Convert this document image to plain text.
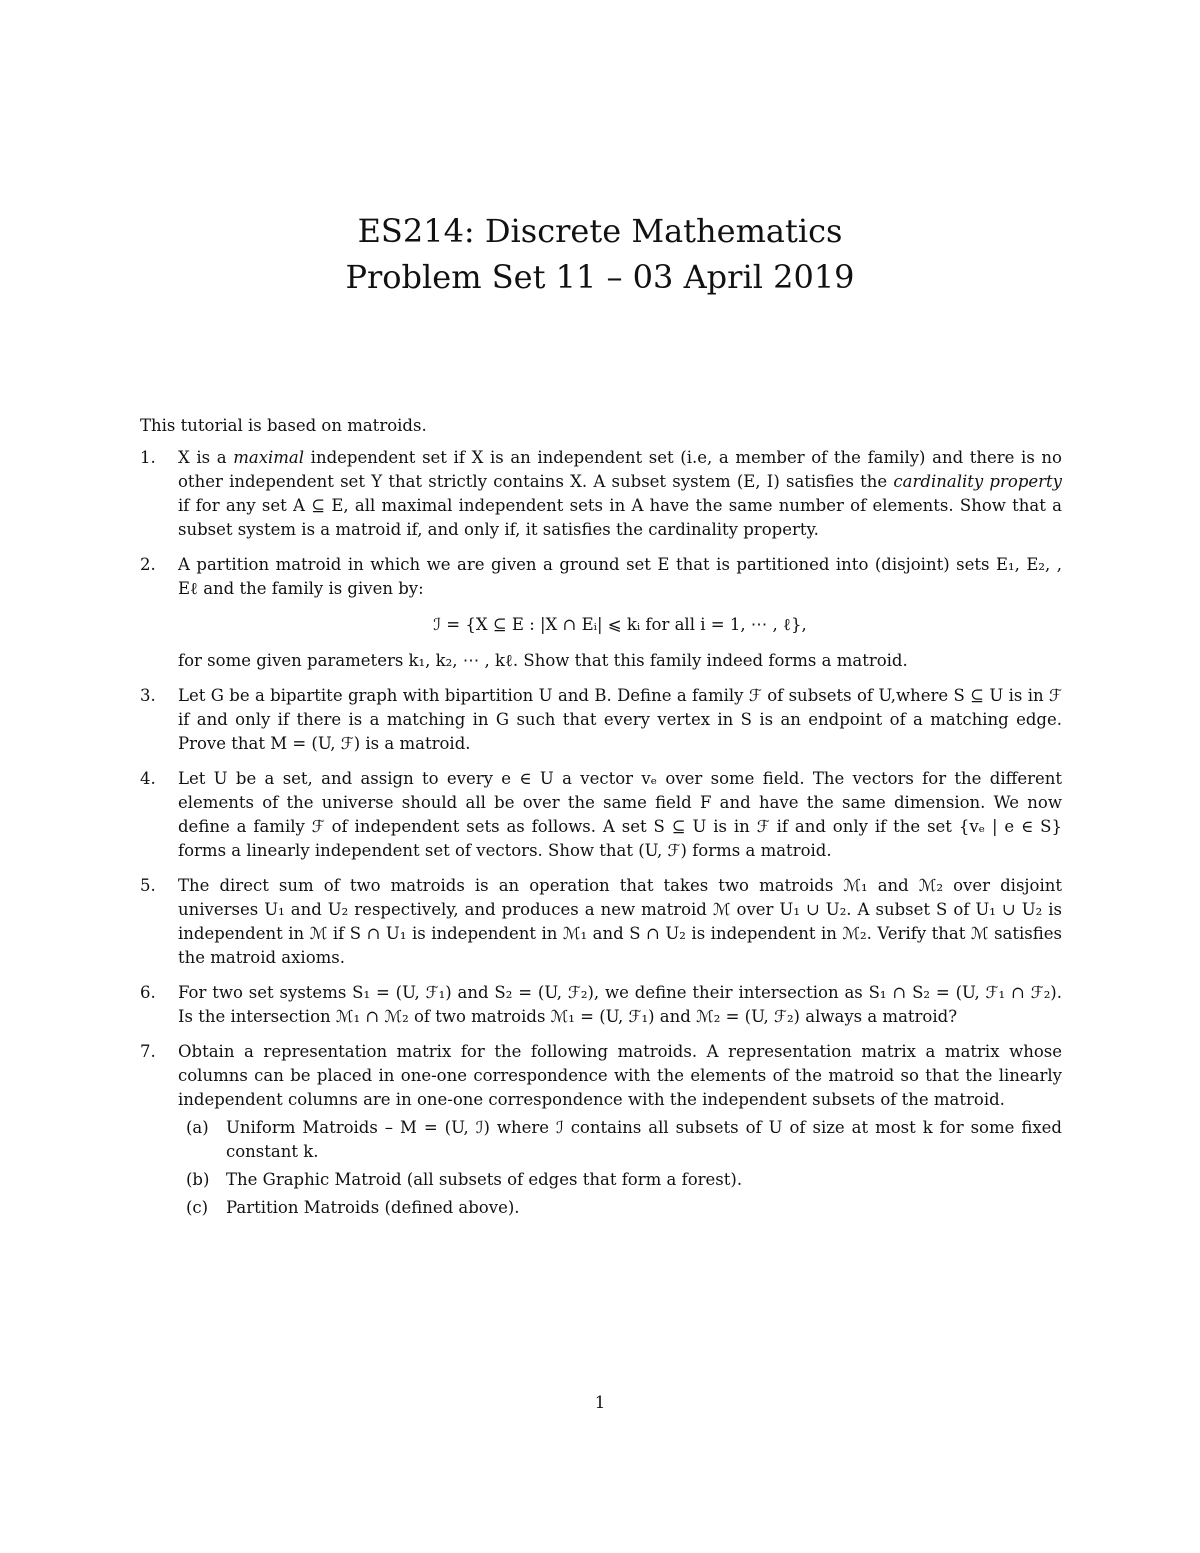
ES214: Discrete Mathematics
Problem Set 11 – 03 April 2019

This tutorial is based on matroids.

1. X is a maximal independent set if X is an independent set (i.e, a member of the family) and there is no other independent set Y that strictly contains X. A subset system (E, I) satisfies the cardinality property if for any set A ⊆ E, all maximal independent sets in A have the same number of elements. Show that a subset system is a matroid if, and only if, it satisfies the cardinality property.
2. A partition matroid in which we are given a ground set E that is partitioned into (disjoint) sets E₁, E₂, , Eℓ and the family is given by:
ℐ = {X ⊆ E : |X ∩ Eᵢ| ⩽ kᵢ for all i = 1, ⋯ , ℓ},
for some given parameters k₁, k₂, ⋯ , kℓ. Show that this family indeed forms a matroid.
3. Let G be a bipartite graph with bipartition U and B. Define a family ℱ of subsets of U,where S ⊆ U is in ℱ if and only if there is a matching in G such that every vertex in S is an endpoint of a matching edge. Prove that M = (U, ℱ) is a matroid.
4. Let U be a set, and assign to every e ∈ U a vector vₑ over some field. The vectors for the different elements of the universe should all be over the same field F and have the same dimension. We now define a family ℱ of independent sets as follows. A set S ⊆ U is in ℱ if and only if the set {vₑ | e ∈ S} forms a linearly independent set of vectors. Show that (U, ℱ) forms a matroid.
5. The direct sum of two matroids is an operation that takes two matroids ℳ₁ and ℳ₂ over disjoint universes U₁ and U₂ respectively, and produces a new matroid ℳ over U₁ ∪ U₂. A subset S of U₁ ∪ U₂ is independent in ℳ if S ∩ U₁ is independent in ℳ₁ and S ∩ U₂ is independent in ℳ₂. Verify that ℳ satisfies the matroid axioms.
6. For two set systems S₁ = (U, ℱ₁) and S₂ = (U, ℱ₂), we define their intersection as S₁ ∩ S₂ = (U, ℱ₁ ∩ ℱ₂). Is the intersection ℳ₁ ∩ ℳ₂ of two matroids ℳ₁ = (U, ℱ₁) and ℳ₂ = (U, ℱ₂) always a matroid?
7. Obtain a representation matrix for the following matroids. A representation matrix a matrix whose columns can be placed in one-one correspondence with the elements of the matroid so that the linearly independent columns are in one-one correspondence with the independent subsets of the matroid.
(a) Uniform Matroids – M = (U, ℐ) where ℐ contains all subsets of U of size at most k for some fixed constant k.
(b) The Graphic Matroid (all subsets of edges that form a forest).
(c) Partition Matroids (defined above).
1
